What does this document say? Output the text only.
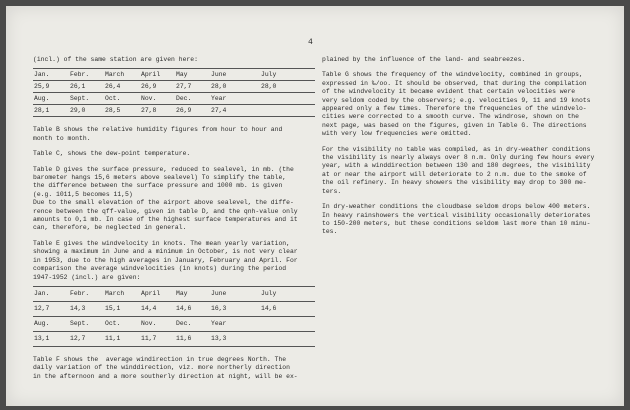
4

(incl.) of the same station are given here:

Jan.	Febr.	March	April	May	June	July
25,9	26,1	26,4	26,9	27,7	28,0	28,0
Aug.	Sept.	Oct.	Nov.	Dec.	Year	
28,1	29,0	28,5	27,8	26,9	27,4	

Table B shows the relative humidity figures from hour to hour and
month to month.

Table C, shows the dew-point temperature.

Table D gives the surface pressure, reduced to sealevel, in mb. (the
barometer hangs 15,6 meters above sealevel) To simplify the table,
the difference between the surface pressure and 1000 mb. is given
(e.g. 1011,5 becomes 11,5)
Due to the small elevation of the airport above sealevel, the diffe-
rence between the qff-value, given in table D, and the qnh-value only
amounts to 0,1 mb. In case of the highest surface temperatures and it
can, therefore, be neglected in general.

Table E gives the windvelocity in knots. The mean yearly variation,
showing a maximum in June and a minimum in October, is not very clear
in 1953, due to the high averages in January, February and April. For
comparison the average windvelocities (in knots) during the period
1947-1952 (incl.) are given:

Jan.	Febr.	March	April	May	June	July
12,7	14,3	15,1	14,4	14,6	16,3	14,6
Aug.	Sept.	Oct.	Nov.	Dec.	Year	
13,1	12,7	11,1	11,7	11,6	13,3	

Table F shows the  average windirection in true degrees North. The
daily variation of the winddirection, viz. more northerly direction
in the afternoon and a more southerly direction at night, will be ex-

plained by the influence of the land- and seabreezes.

Table G shows the frequency of the windvelocity, combined in groups,
expressed in ‰/oo. It should be observed, that during the compilation
of the windvelocity it became evident that certain velocities were
very seldom coded by the observers; e.g. velocities 9, 11 and 19 knots
appeared only a few times. Therefore the frequencies of the windvelo-
cities were corrected to a smooth curve. The windrose, shown on the
next page, was based on the figures, given in Table G. The directions
with very low frequencies were omitted.

For the visibility no table was compiled, as in dry-weather conditions
the visibility is nearly always over 8 n.m. Only during few hours every
year, with a winddirection between 130 and 180 degrees, the visibility
at or near the airport will deteriorate to 2 n.m. due to the smoke of
the oil refinery. In heavy showers the visibility may drop to 300 me-
ters.

In dry-weather conditions the cloudbase seldom drops below 400 meters.
In heavy rainshowers the vertical visibility occasionally deteriorates
to 150-200 meters, but these conditions seldom last more than 10 minu-
tes.
